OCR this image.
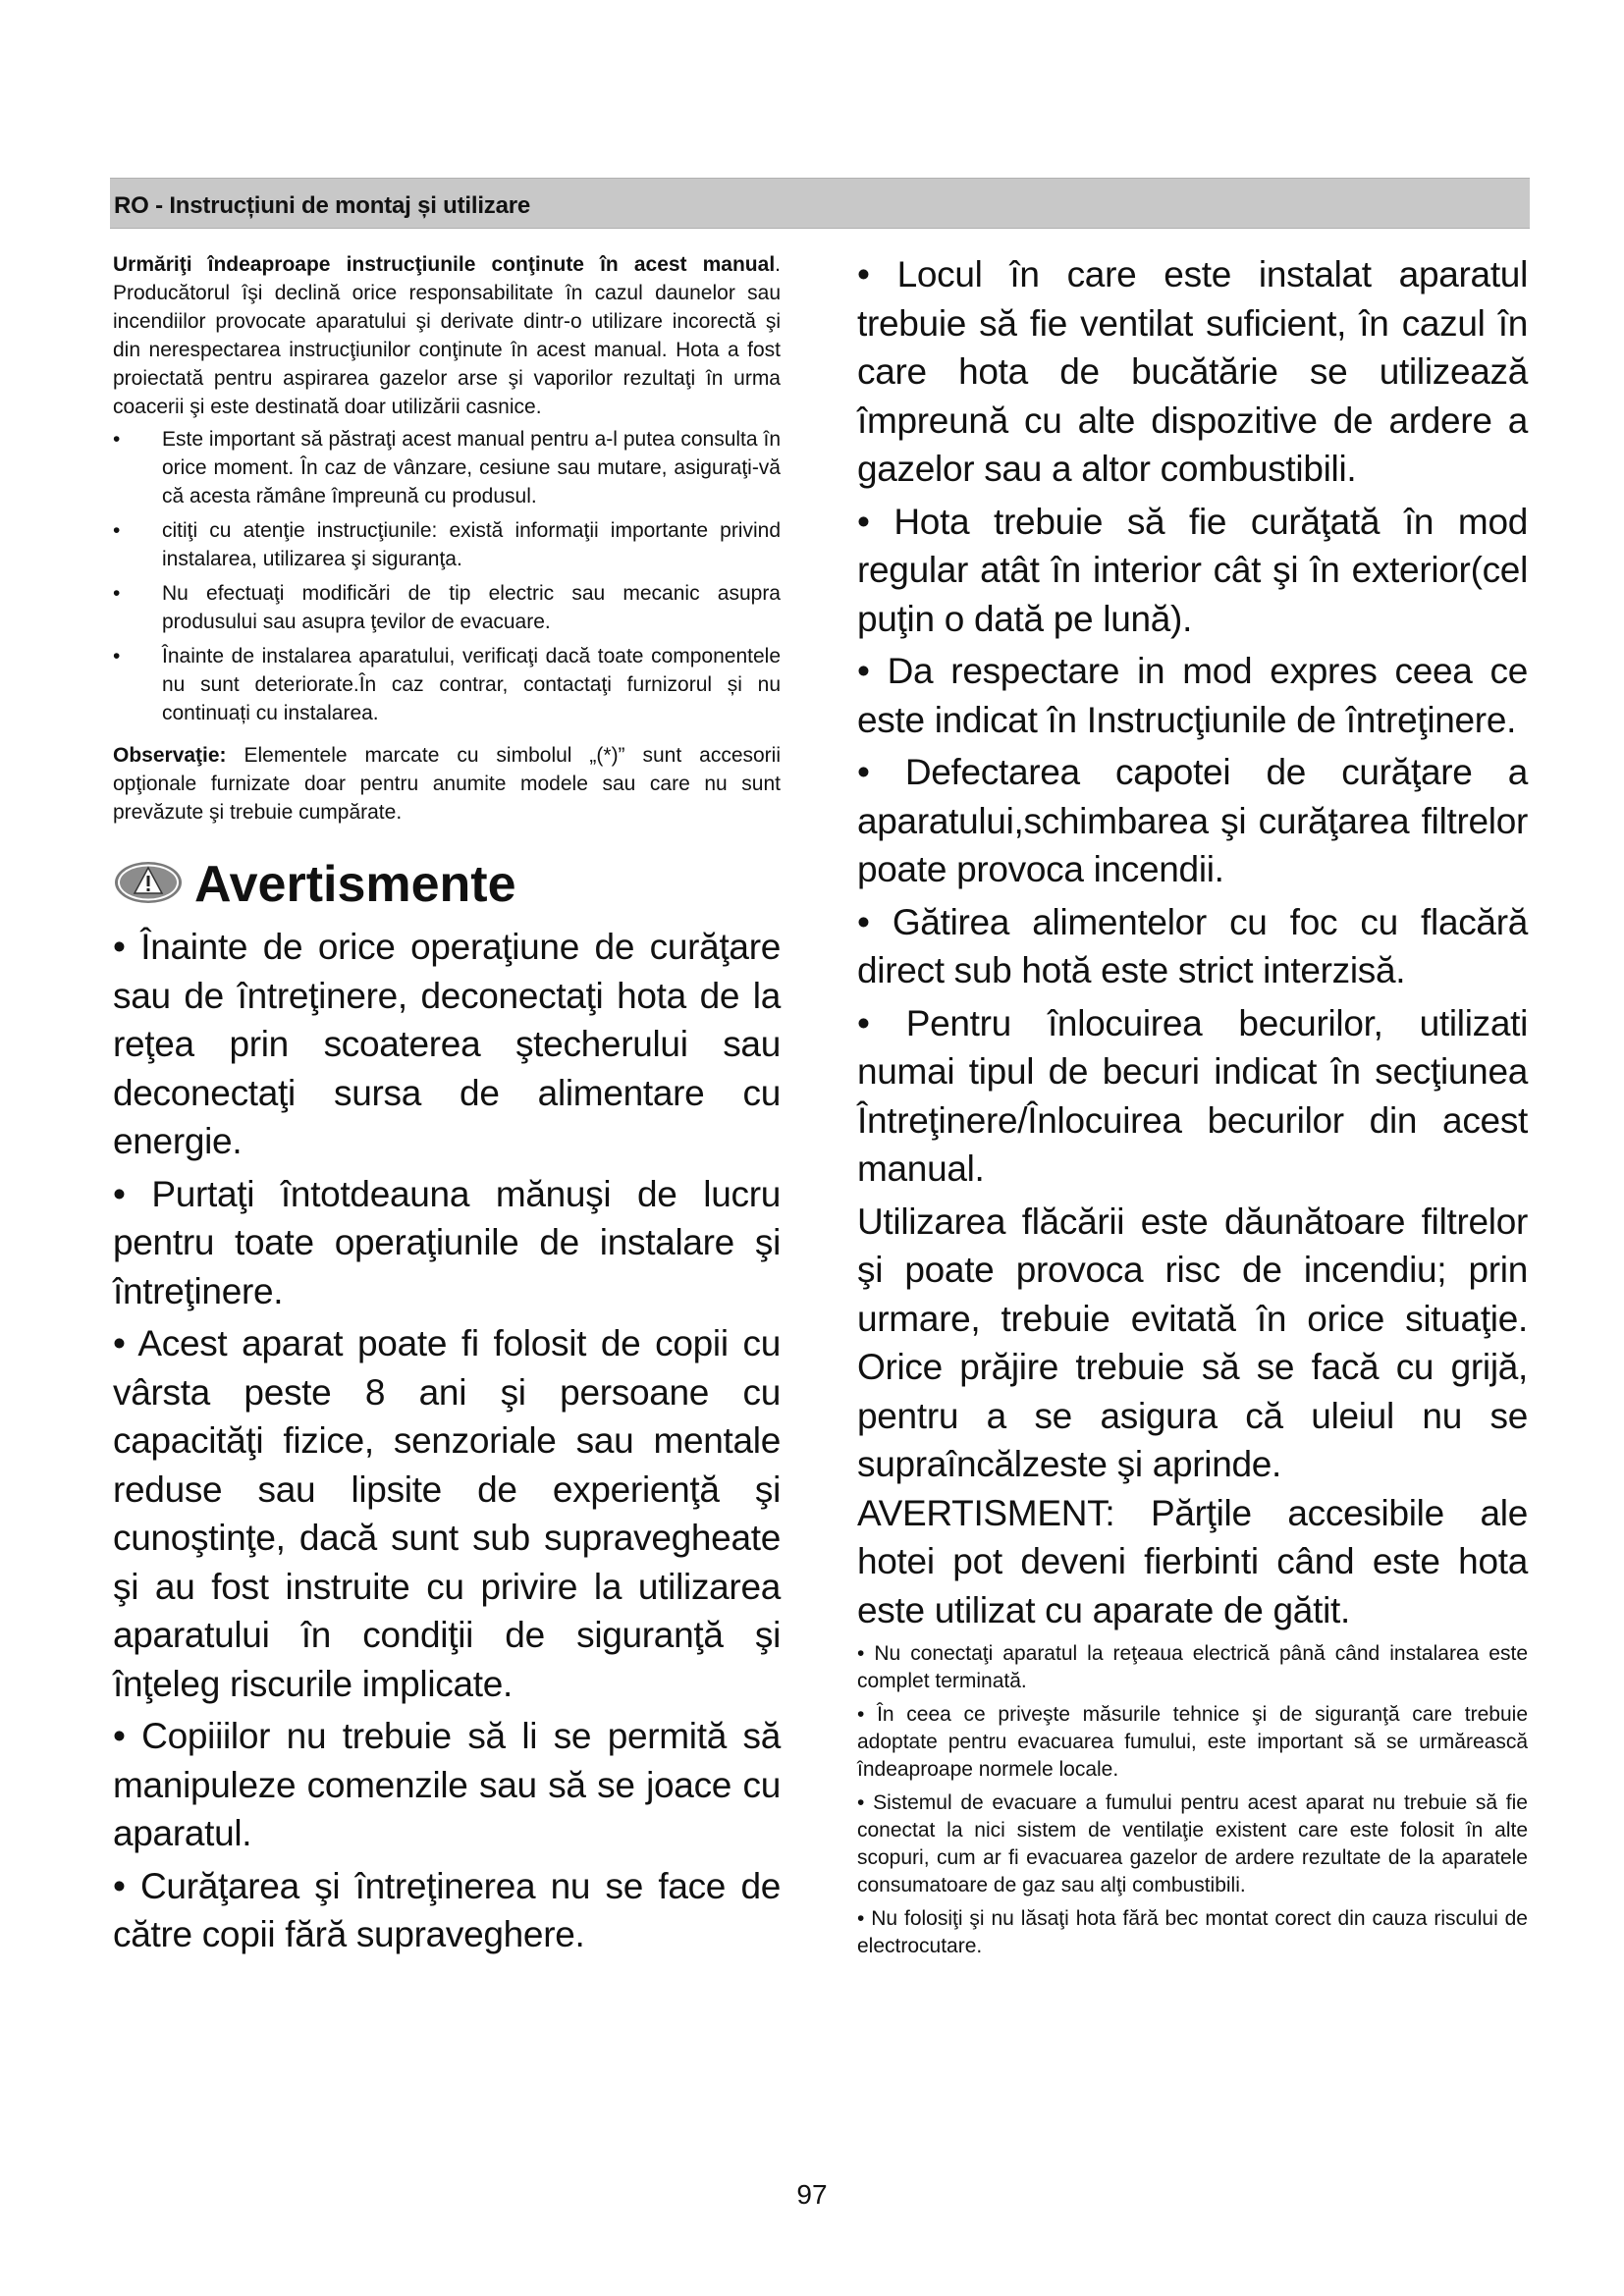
RO - Instrucțiuni de montaj și utilizare

Urmăriţi îndeaproape instrucţiunile conţinute în acest manual. Producătorul îşi declină orice responsabilitate în cazul daunelor sau incendiilor provocate aparatului şi derivate dintr-o utilizare incorectă şi din nerespectarea instrucţiunilor conţinute în acest manual. Hota a fost proiectată pentru aspirarea gazelor arse şi vaporilor rezultaţi în urma coacerii şi este destinată doar utilizării casnice.

• Este important să păstraţi acest manual pentru a-l putea consulta în orice moment. În caz de vânzare, cesiune sau mutare, asiguraţi-vă că acesta rămâne împreună cu produsul.
• citiţi cu atenţie instrucţiunile: există informaţii importante privind instalarea, utilizarea şi siguranţa.
• Nu efectuaţi modificări de tip electric sau mecanic asupra produsului sau asupra ţevilor de evacuare.
• Înainte de instalarea aparatului, verificaţi dacă toate componentele nu sunt deteriorate.În caz contrar, contactaţi furnizorul și nu continuați cu instalarea.

Observaţie: Elementele marcate cu simbolul „(*)” sunt accesorii opţionale furnizate doar pentru anumite modele sau care nu sunt prevăzute şi trebuie cumpărate.

Avertismente

• Înainte de orice operaţiune de curăţare sau de întreţinere, deconectaţi hota de la reţea prin scoaterea ştecherului sau deconectaţi sursa de alimentare cu energie.

• Purtaţi întotdeauna mănuşi de lucru pentru toate operaţiunile de instalare şi întreţinere.

• Acest aparat poate fi folosit de copii cu vârsta peste 8 ani şi persoane cu capacităţi fizice, senzoriale sau mentale reduse sau lipsite de experienţă şi cunoştinţe, dacă sunt sub supravegheate şi au fost instruite cu privire la utilizarea aparatului în condiţii de siguranţă şi înţeleg riscurile implicate.

• Copiiilor nu trebuie să li se permită să manipuleze comenzile sau să se joace cu aparatul.

• Curăţarea şi întreţinerea nu se face de către copii fără supraveghere.

• Locul în care este instalat aparatul trebuie să fie ventilat suficient, în cazul în care hota de bucătărie se utilizează împreună cu alte dispozitive de ardere a gazelor sau a altor combustibili.

• Hota trebuie să fie curăţată în mod regular atât în interior cât şi în exterior(cel puţin o dată pe lună).

• Da respectare in mod expres ceea ce este indicat în Instrucţiunile de întreţinere.

• Defectarea capotei de curăţare a aparatului,schimbarea şi curăţarea filtrelor poate provoca incendii.

• Gătirea alimentelor cu foc cu flacără direct sub hotă este strict interzisă.

• Pentru înlocuirea becurilor, utilizati numai tipul de becuri indicat în secţiunea Întreţinere/Înlocuirea becurilor din acest manual.

Utilizarea flăcării este dăunătoare filtrelor şi poate provoca risc de incendiu; prin urmare, trebuie evitată în orice situaţie. Orice prăjire trebuie să se facă cu grijă, pentru a se asigura că uleiul nu se supraîncălzeste şi aprinde.

AVERTISMENT: Părţile accesibile ale hotei pot deveni fierbinti când este hota este utilizat cu aparate de gătit.

• Nu conectaţi aparatul la reţeaua electrică până când instalarea este complet terminată.

• În ceea ce priveşte măsurile tehnice şi de siguranţă care trebuie adoptate pentru evacuarea fumului, este important să se urmărească îndeaproape normele locale.

• Sistemul de evacuare a fumului pentru acest aparat nu trebuie să fie conectat la nici sistem de ventilaţie existent care este folosit în alte scopuri, cum ar fi evacuarea gazelor de ardere rezultate de la aparatele consumatoare de gaz sau alţi combustibili.

• Nu folosiţi şi nu lăsaţi hota fără bec montat corect din cauza riscului de electrocutare.

97
